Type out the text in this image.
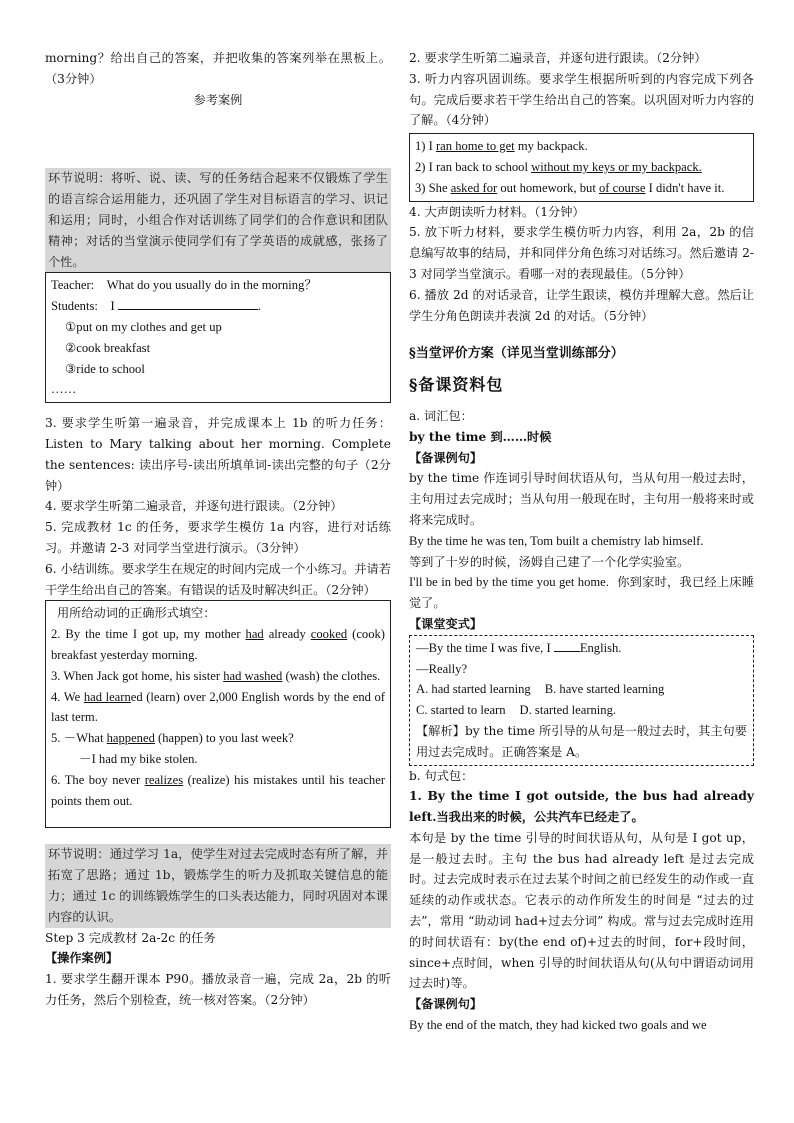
morning？给出自己的答案，并把收集的答案列举在黑板上。（3分钟）

参考案例

环节说明：将听、说、读、写的任务结合起来不仅锻炼了学生的语言综合运用能力，还巩固了学生对目标语言的学习、识记和运用；同时，小组合作对话训练了同学们的合作意识和团队精神；对话的当堂演示使同学们有了学英语的成就感，张扬了个性。

Teacher: What do you usually do in the morning？

Students: I	.

①put on my clothes and get up

②cook breakfast

③ride to school

……

3. 要求学生听第一遍录音，并完成课本上 1b 的听力任务：Listen to Mary talking about her morning. Complete the sentences: 读出序号-读出所填单词-读出完整的句子（2分钟）

4. 要求学生听第二遍录音，并逐句进行跟读。（2分钟）

5. 完成教材 1c 的任务，要求学生模仿 1a 内容，进行对话练习。并邀请 2-3 对同学当堂进行演示。（3分钟）

6. 小结训练。要求学生在规定的时间内完成一个小练习。并请若干学生给出自己的答案。有错误的话及时解决纠正。（2分钟）

用所给动词的正确形式填空：

2. By the time I got up, my mother had already cooked (cook) breakfast yesterday morning.

3. When Jack got home, his sister had washed (wash) the clothes.

4. We had learned (learn) over 2,000 English words by the end of last term.

5. －What happened (happen) to you last week?

－I had my bike stolen.

6. The boy never realizes (realize) his mistakes until his teacher points them out.

环节说明：通过学习 1a，使学生对过去完成时态有所了解，并拓宽了思路；通过 1b，锻炼学生的听力及抓取关键信息的能力；通过 1c 的训练锻炼学生的口头表达能力，同时巩固对本课内容的认识。

Step 3 完成教材 2a-2c 的任务

【操作案例】

1. 要求学生翻开课本 P90。播放录音一遍，完成 2a，2b 的听力任务，然后个别检查，统一核对答案。（2分钟）

2. 要求学生听第二遍录音，并逐句进行跟读。（2分钟）

3. 听力内容巩固训练。要求学生根据所听到的内容完成下列各句。完成后要求若干学生给出自己的答案。以巩固对听力内容的了解。（4分钟）

1) I ran home to get my backpack.

2) I ran back to school without my keys or my backpack.

3) She asked for out homework, but of course I didn't have it.

4. 大声朗读听力材料。（1分钟）

5. 放下听力材料，要求学生模仿听力内容，利用 2a，2b 的信息编写故事的结局，并和同伴分角色练习对话练习。然后邀请 2-3 对同学当堂演示。看哪一对的表现最佳。（5分钟）

6. 播放 2d 的对话录音，让学生跟读，模仿并理解大意。然后让学生分角色朗读并表演 2d 的对话。（5分钟）

§当堂评价方案（详见当堂训练部分）

§备课资料包

a. 词汇包：

by the time 到……时候

【备课例句】

by the time 作连词引导时间状语从句，当从句用一般过去时，主句用过去完成时；当从句用一般现在时，主句用一般将来时或将来完成时。

By the time he was ten, Tom built a chemistry lab himself.

等到了十岁的时候，汤姆自己建了一个化学实验室。

I'll be in bed by the time you get home. 你到家时，我已经上床睡觉了。

【课堂变式】

—By the time I was five, I English.

—Really?

A. had started learning B. have started learning

C. started to learn D. started learning.

【解析】by the time 所引导的从句是一般过去时，其主句要用过去完成时。正确答案是 A。

b. 句式包：

1. By the time I got outside, the bus had already left.当我出来的时候，公共汽车已经走了。

本句是 by the time 引导的时间状语从句，从句是 I got up，是一般过去时。主句 the bus had already left 是过去完成时。过去完成时表示在过去某个时间之前已经发生的动作或一直延续的动作或状态。它表示的动作所发生的时间是 “过去的过去”，常用 “助动词 had+过去分词” 构成。常与过去完成时连用的时间状语有：by(the end of)+过去的时间，for+段时间，since+点时间，when 引导的时间状语从句(从句中谓语动词用过去时)等。

【备课例句】

By the end of the match, they had kicked two goals and we
